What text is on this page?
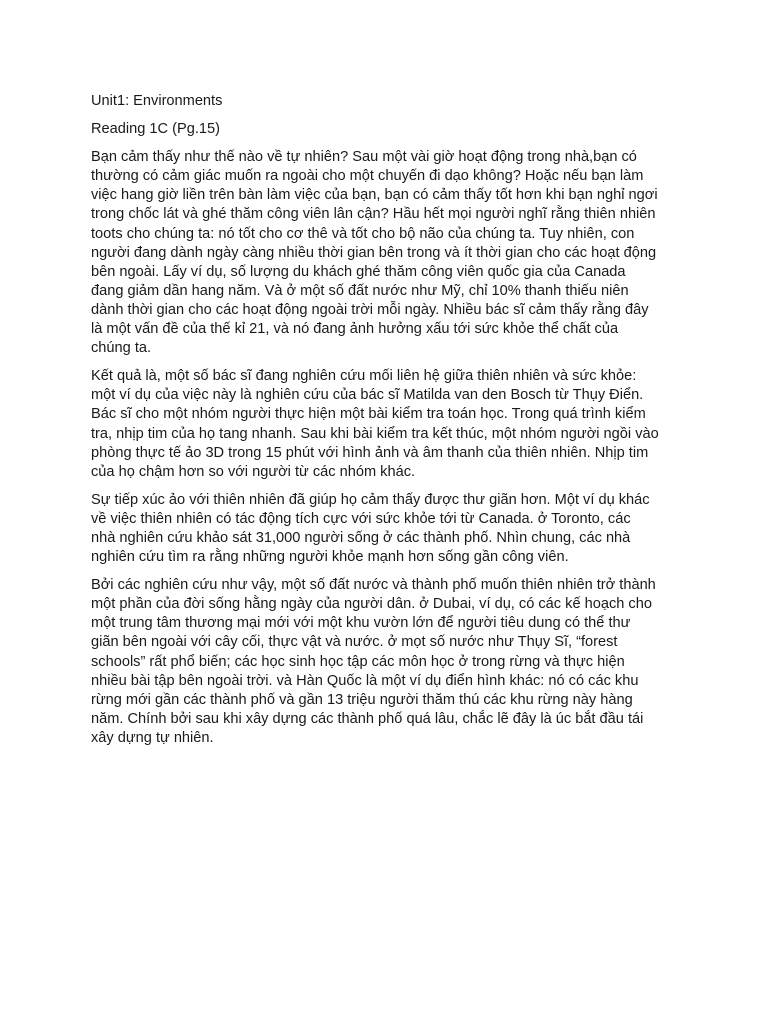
Unit1: Environments

Reading 1C (Pg.15)

Bạn cảm thấy như thế nào về tự nhiên? Sau một vài giờ hoạt động trong nhà,bạn có
thường có cảm giác muốn ra ngoài cho một chuyến đi dạo không? Hoặc nếu bạn làm
việc hang giờ liền trên bàn làm việc của bạn, bạn có cảm thấy tốt hơn khi bạn nghỉ ngơi
trong chốc lát và ghé thăm công viên lân cận? Hầu hết mọi người nghĩ rằng thiên nhiên
toots cho chúng ta: nó tốt cho cơ thê và tốt cho bộ não của chúng ta. Tuy nhiên, con
người đang dành ngày càng nhiều thời gian bên trong và ít thời gian cho các hoạt động
bên ngoài. Lấy ví dụ, số lượng du khách ghé thăm công viên quốc gia của Canada
đang giảm dần hang năm. Và ở một số đất nước như Mỹ, chỉ 10% thanh thiếu niên
dành thời gian cho các hoạt động ngoài trời mỗi ngày. Nhiều bác sĩ cảm thấy rằng đây
là một vấn đề của thế kỉ 21, và nó đang ảnh hưởng xấu tới sức khỏe thể chất của
chúng ta.

Kết quả là, một số bác sĩ đang nghiên cứu mối liên hệ giữa thiên nhiên và sức khỏe:
một ví dụ của việc này là nghiên cứu của bác sĩ Matilda van den Bosch từ Thụy Điển.
Bác sĩ cho một nhóm người thực hiện một bài kiểm tra toán học. Trong quá trình kiểm
tra, nhịp tim của họ tang nhanh. Sau khi bài kiểm tra kết thúc, một nhóm người ngồi vào
phòng thực tế ảo 3D trong 15 phút với hình ảnh và âm thanh của thiên nhiên. Nhịp tim
của họ chậm hơn so với người từ các nhóm khác.

Sự tiếp xúc ảo với thiên nhiên đã giúp họ cảm thấy được thư giãn hơn. Một ví dụ khác
về việc thiên nhiên có tác động tích cực với sức khỏe tới từ Canada. ở Toronto, các
nhà nghiên cứu khảo sát 31,000 người sống ở các thành phố. Nhìn chung, các nhà
nghiên cứu tìm ra rằng những người khỏe mạnh hơn sống gần công viên.

Bởi các nghiên cứu như vậy, một số đất nước và thành phố muốn thiên nhiên trở thành
một phần của đời sống hằng ngày của người dân. ở Dubai, ví dụ, có các kế hoạch cho
một trung tâm thương mại mới với một khu vườn lớn để người tiêu dung có thể thư
giãn bên ngoài với cây cối, thực vật và nước. ở mọt số nước như Thụy Sĩ, “forest
schools” rất phổ biến; các học sinh học tập các môn học ở trong rừng và thực hiện
nhiều bài tập bên ngoài trời. và Hàn Quốc là một ví dụ điển hình khác: nó có các khu
rừng mới gần các thành phố và gần 13 triệu người thăm thú các khu rừng này hàng
năm. Chính bởi sau khi xây dựng các thành phố quá lâu, chắc lẽ đây là úc bắt đầu tái
xây dựng tự nhiên.
